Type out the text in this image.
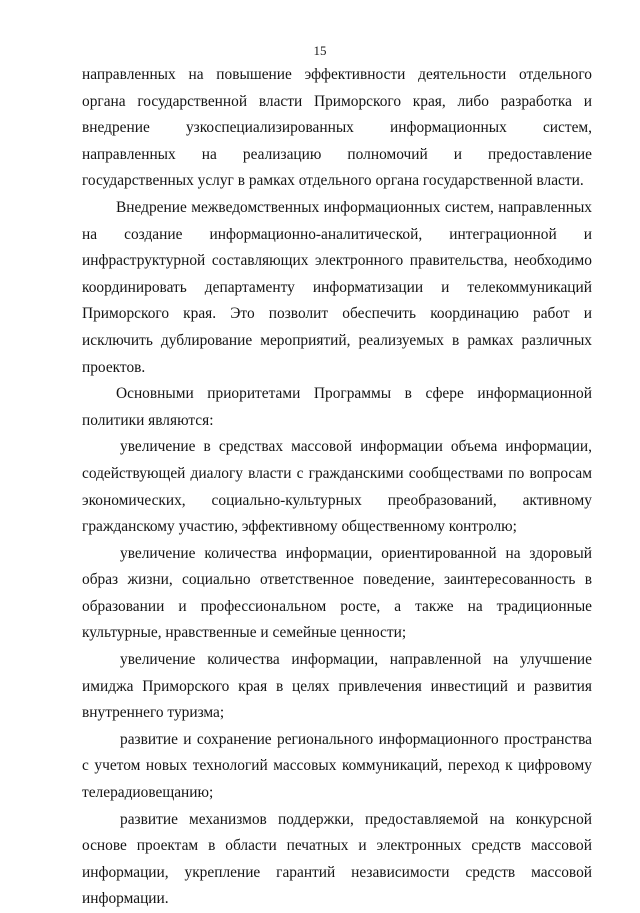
15

направленных на повышение эффективности деятельности отдельного органа государственной власти Приморского края, либо разработка и внедрение узкоспециализированных информационных систем, направленных на реализацию полномочий и предоставление государственных услуг в рамках отдельного органа государственной власти.

Внедрение межведомственных информационных систем, направленных на создание информационно-аналитической, интеграционной и инфраструктурной составляющих электронного правительства, необходимо координировать департаменту информатизации и телекоммуникаций Приморского края. Это позволит обеспечить координацию работ и исключить дублирование мероприятий, реализуемых в рамках различных проектов.

Основными приоритетами Программы в сфере информационной политики являются:

увеличение в средствах массовой информации объема информации, содействующей диалогу власти с гражданскими сообществами по вопросам экономических, социально-культурных преобразований, активному гражданскому участию, эффективному общественному контролю;

увеличение количества информации, ориентированной на здоровый образ жизни, социально ответственное поведение, заинтересованность в образовании и профессиональном росте, а также на традиционные культурные, нравственные и семейные ценности;

увеличение количества информации, направленной на улучшение имиджа Приморского края в целях привлечения инвестиций и развития внутреннего туризма;

развитие и сохранение регионального информационного пространства с учетом новых технологий массовых коммуникаций, переход к цифровому телерадиовещанию;

развитие механизмов поддержки, предоставляемой на конкурсной основе проектам в области печатных и электронных средств массовой информации, укрепление гарантий независимости средств массовой информации.
